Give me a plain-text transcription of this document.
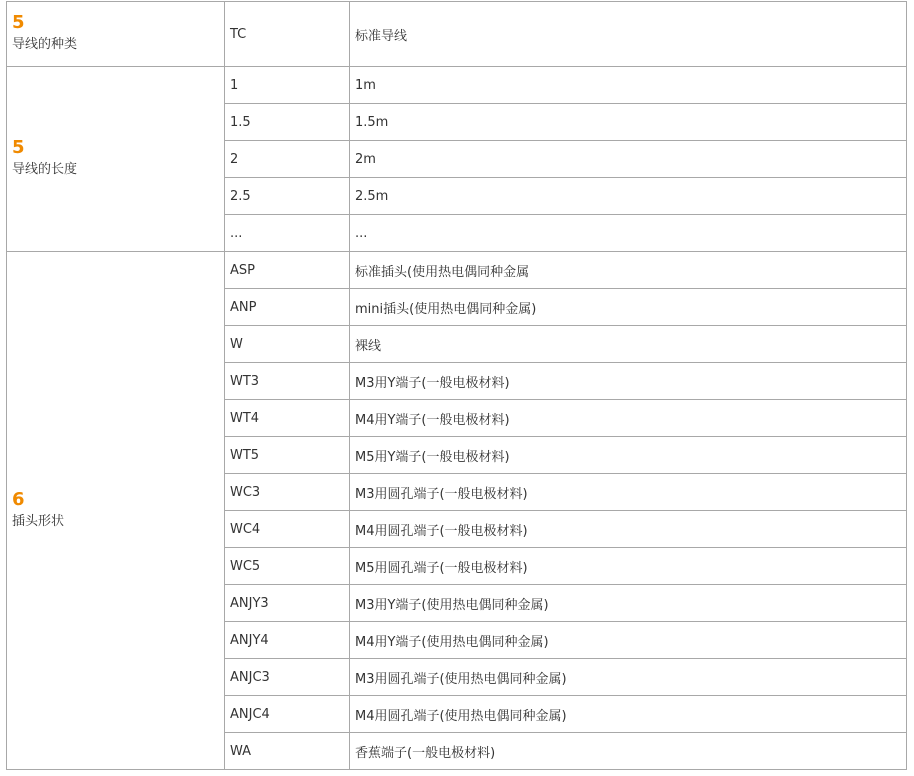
5
导线的种类	TC	标准导线

5
导线的长度	1	1m
	1.5	1.5m
	2	2m
	2.5	2.5m
	...	...

6
插头形状	ASP	标准插头(使用热电偶同种金属
	ANP	mini插头(使用热电偶同种金属)
	W	裸线
	WT3	M3用Y端子(一般电极材料)
	WT4	M4用Y端子(一般电极材料)
	WT5	M5用Y端子(一般电极材料)
	WC3	M3用圆孔端子(一般电极材料)
	WC4	M4用圆孔端子(一般电极材料)
	WC5	M5用圆孔端子(一般电极材料)
	ANJY3	M3用Y端子(使用热电偶同种金属)
	ANJY4	M4用Y端子(使用热电偶同种金属)
	ANJC3	M3用圆孔端子(使用热电偶同种金属)
	ANJC4	M4用圆孔端子(使用热电偶同种金属)
	WA	香蕉端子(一般电极材料)
